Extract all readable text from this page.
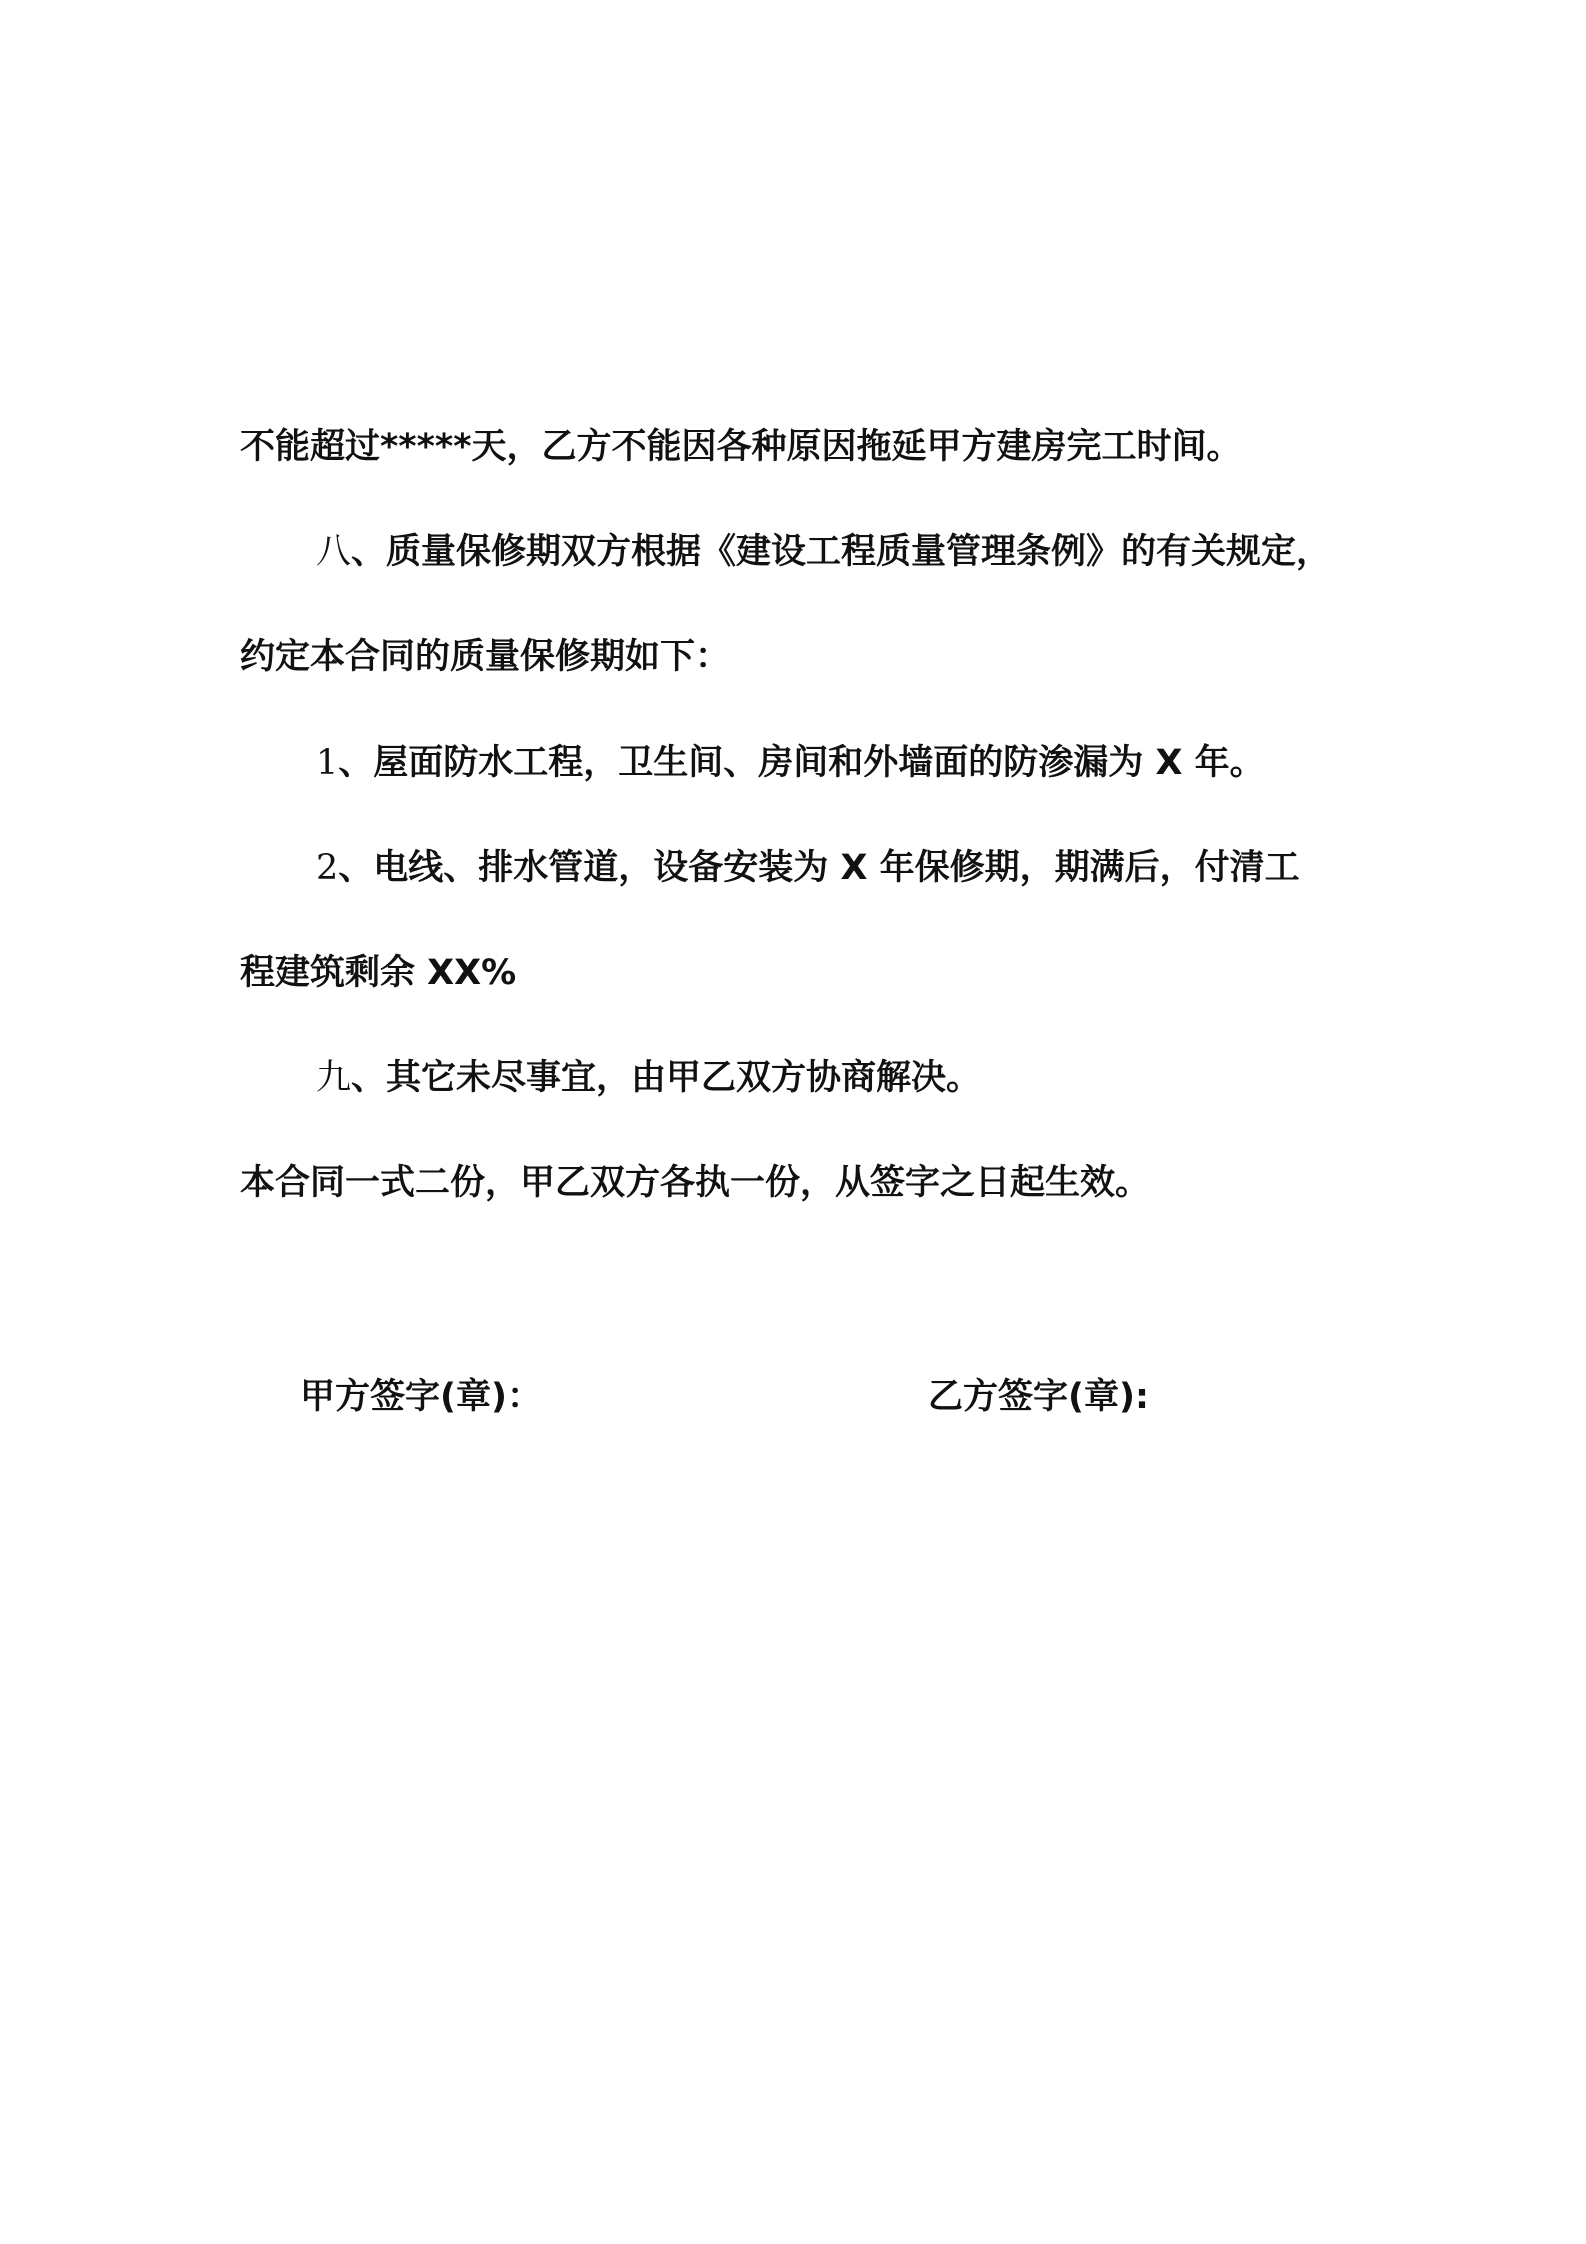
不能超过*****天，乙方不能因各种原因拖延甲方建房完工时间。
八、质量保修期双方根据《建设工程质量管理条例》的有关规定，
约定本合同的质量保修期如下：
1、屋面防水工程，卫生间、房间和外墙面的防渗漏为 X 年。
2、电线、排水管道，设备安装为 X 年保修期，期满后，付清工
程建筑剩余 XX%
九、其它未尽事宜，由甲乙双方协商解决。
本合同一式二份，甲乙双方各执一份，从签字之日起生效。
甲方签字(章)：	乙方签字(章):
